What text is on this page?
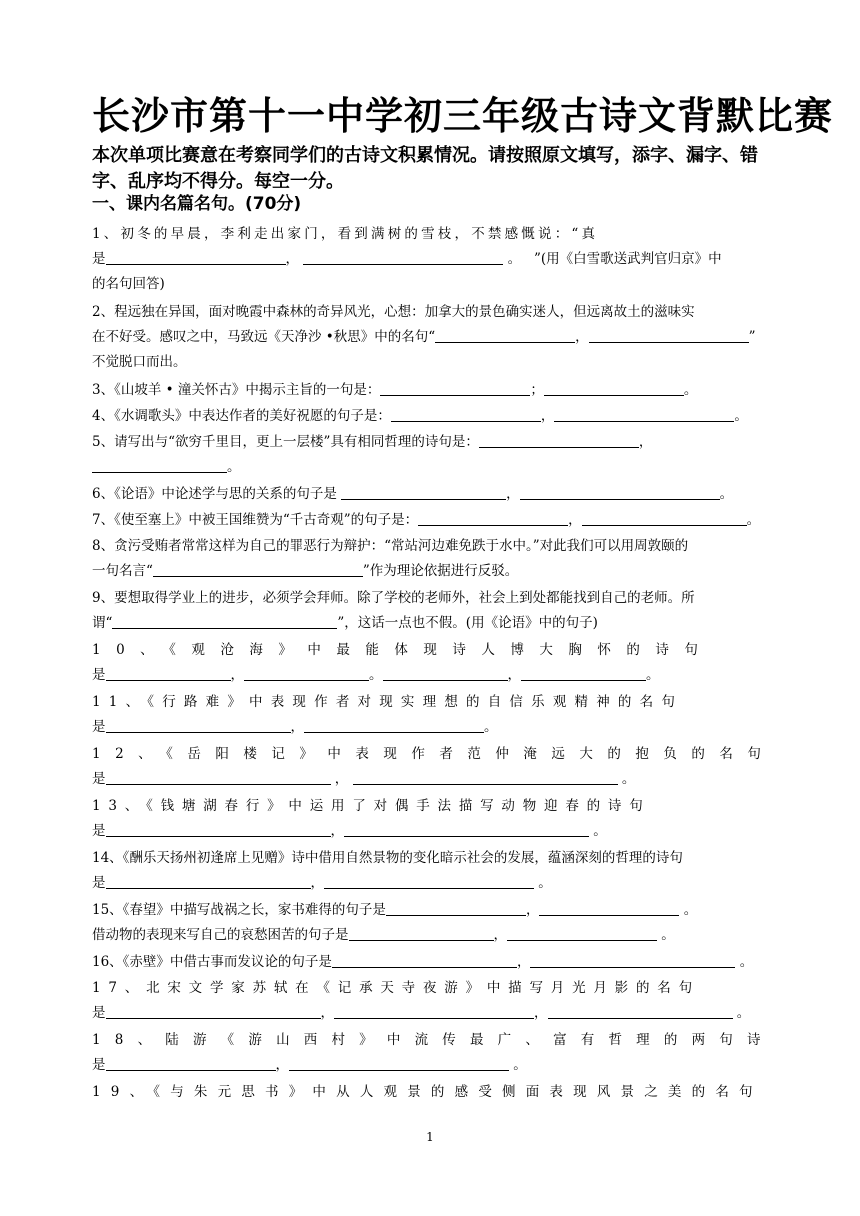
长沙市第十一中学初三年级古诗文背默比赛
本次单项比赛意在考察同学们的古诗文积累情况。请按照原文填写，添字、漏字、错字、乱序均不得分。每空一分。
一、课内名篇名句。(70分)
1、初冬的早晨，李利走出家门，看到满树的雪枝，不禁感慨说：“真
是	，	。 ”(用《白雪歌送武判官归京》中
的名句回答)
2、程远独在异国，面对晚霞中森林的奇异风光，心想：加拿大的景色确实迷人，但远离故土的滋味实
在不好受。感叹之中，马致远《天净沙 •秋思》中的名句“	，	”
不觉脱口而出。
3、《山坡羊 • 潼关怀古》中揭示主旨的一句是：	；	。
4、《水调歌头》中表达作者的美好祝愿的句子是：	，	。
5、请写出与“欲穷千里目，更上一层楼”具有相同哲理的诗句是：	，
。
6、《论语》中论述学与思的关系的句子是	，	。
7、《使至塞上》中被王国维赞为“千古奇观”的句子是：	，	。
8、贪污受贿者常常这样为自己的罪恶行为辩护：“常站河边难免跌于水中。”对此我们可以用周敦颐的
一句名言“	”作为理论依据进行反驳。
9、要想取得学业上的进步，必须学会拜师。除了学校的老师外，社会上到处都能找到自己的老师。所
谓“	”，这话一点也不假。(用《论语》中的句子)
10、《观沧海》中最能体现诗人博大胸怀的诗句
是	，	。	，	。
11、《行路难》中表现作者对现实理想的自信乐观精神的名句
是	，	。
12、《岳阳楼记》中表现作者范仲淹远大的抱负的名句
是	，	。
13、《钱塘湖春行》中运用了对偶手法描写动物迎春的诗句
是	，	。
14、《酬乐天扬州初逢席上见赠》诗中借用自然景物的变化暗示社会的发展，蕴涵深刻的哲理的诗句
是	，	。
15、《春望》中描写战祸之长，家书难得的句子是	，	。
借动物的表现来写自己的哀愁困苦的句子是	，	。
16、《赤壁》中借古事而发议论的句子是	，	。
17、北宋文学家苏轼在《记承天寺夜游》中描写月光月影的名句
是	，	，	。
18、陆游《游山西村》中流传最广、富有哲理的两句诗
是	，	。
19、《与朱元思书》中从人观景的感受侧面表现风景之美的名句
1
